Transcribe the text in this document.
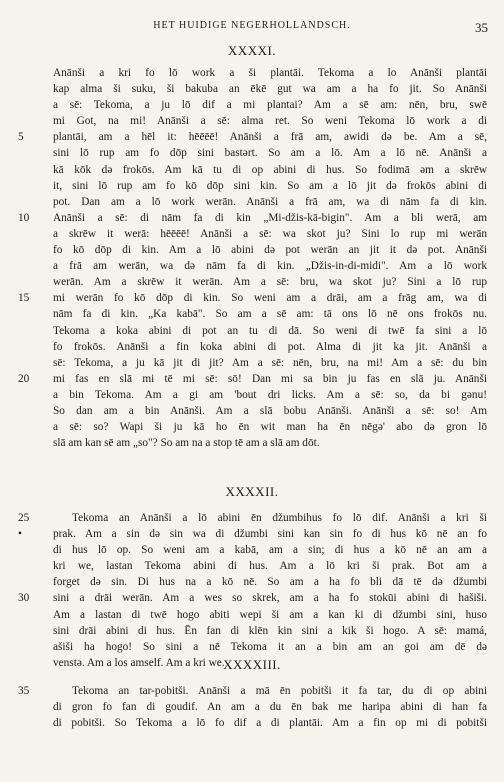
HET HUIDIGE NEGERHOLLANDSCH.	35
XXXXI.
Anānši a kri fo lō work a ši plantāi. Tekoma a lo Anānši plantāi
kap alma ši suku, ši bakuba an ēkē gut wa am a ha fo jit. So Anānši
a sē: Tekoma, a ju lō dif a mi plantai? Am a sē am: nēn, bru, swē
mi Got, na mi! Anānši a sē: alma ret. So weni Tekoma lō work a di
5	plantāi, am a hēl it: hēēēē! Anānši a frā am, awidi də be. Am a sē,
sini lō rup am fo dōp sini bastərt. So am a lō. Am a lō nē. Anānši a
kā kōk də frokōs. Am kā tu di op abini di hus. So fodimā əm a skrēw
it, sini lō rup am fo kō dōp sini kin. So am a lō jit də frokōs abini di
pot. Dan am a lō work werān. Anānši a frā am, wa di nām fa di kin.
10 Anānši a sē: di nām fa di kin „Mi-džis-kā-bigin". Am a bli werā, am
a skrēw it werā: hēēēē! Anānši a sē: wa skot ju? Sini lo rup mi werān
fo kō dōp di kin. Am a lō abini də pot werān an jit it də pot. Anānši
a frā am werān, wa də nām fa di kin. „Džis-in-di-midi". Am a lō work
werān. Am a skrēw it werān. Am a sē: bru, wa skot ju? Sini a lō rup
15 mi werān fo kō dōp di kin. So weni am a drāi, am a frāg am, wa di
nām fa di kin. „Ka kabā". So am a sē am: tā ons lō nē ons frokōs nu.
Tekoma a koka abini di pot an tu di dā. So weni di twē fa sini a lō
fo frokōs. Anānši a fin koka abini di pot. Alma di jit ka jit. Anānši a
sē: Tekoma, a ju kā jit di jit? Am a sē: nēn, bru, na mi! Am a sē: du bin
20 mi fas en slā mi tē mi sē: sō! Dan mi sa bin ju fas en slā ju. Anānši
a bin Tekoma. Am a gi am 'bout dri licks. Am a sē: so, da bi gənu!
So dan am a bin Anānši. Am a slā bobu Anānši. Anānši a sē: so! Am
a sē: so? Wapi ši ju kā ho ēn wit man ha ēn nēgə' abo də gron lō
slā am kan sē am „so"? So am na a stop tē am a slā am dōt.
XXXXII.
25	Tekoma an Anānši a lō abini ēn džumbihus fo lō dif. Anānši a kri ši
•	prak. Am a sin də sin wa di džumbi sini kan sin fo di hus kō nē an fo
di hus lō op. So weni am a kabā, am a sin; di hus a kō nē an am a
kri we, lastan Tekoma abini di hus. Am a lō kri ši prak. Bot am a
forget də sin. Di hus na a kō nē. So am a ha fo bli dā tē də džumbi
30 sini a drāi werān. Am a wes so skrek, am a ha fo stokūi abini di hašiši.
Am a lastan di twē hogo abiti wepi ši am a kan ki di džumbi sini, huso
sini drāi abini di hus. Ēn fan di klēn kin sini a kik ši hogo. A sē: mamá,
ašiši ha hogo! So sini a nē Tekoma it an a bin am an goi am dē də
venstə. Am a los amself. Am a kri we.
XXXXIII.
35	Tekoma an tar-pobitši. Anānši a mā ēn pobitši it fa tar, du di op abini
di gron fo fan di goudif. An am a du ēn bak me haripa abini di han fa
di pobitši. So Tekoma a lō fo dif a di plantāi. Am a fin op mi di pobitši
